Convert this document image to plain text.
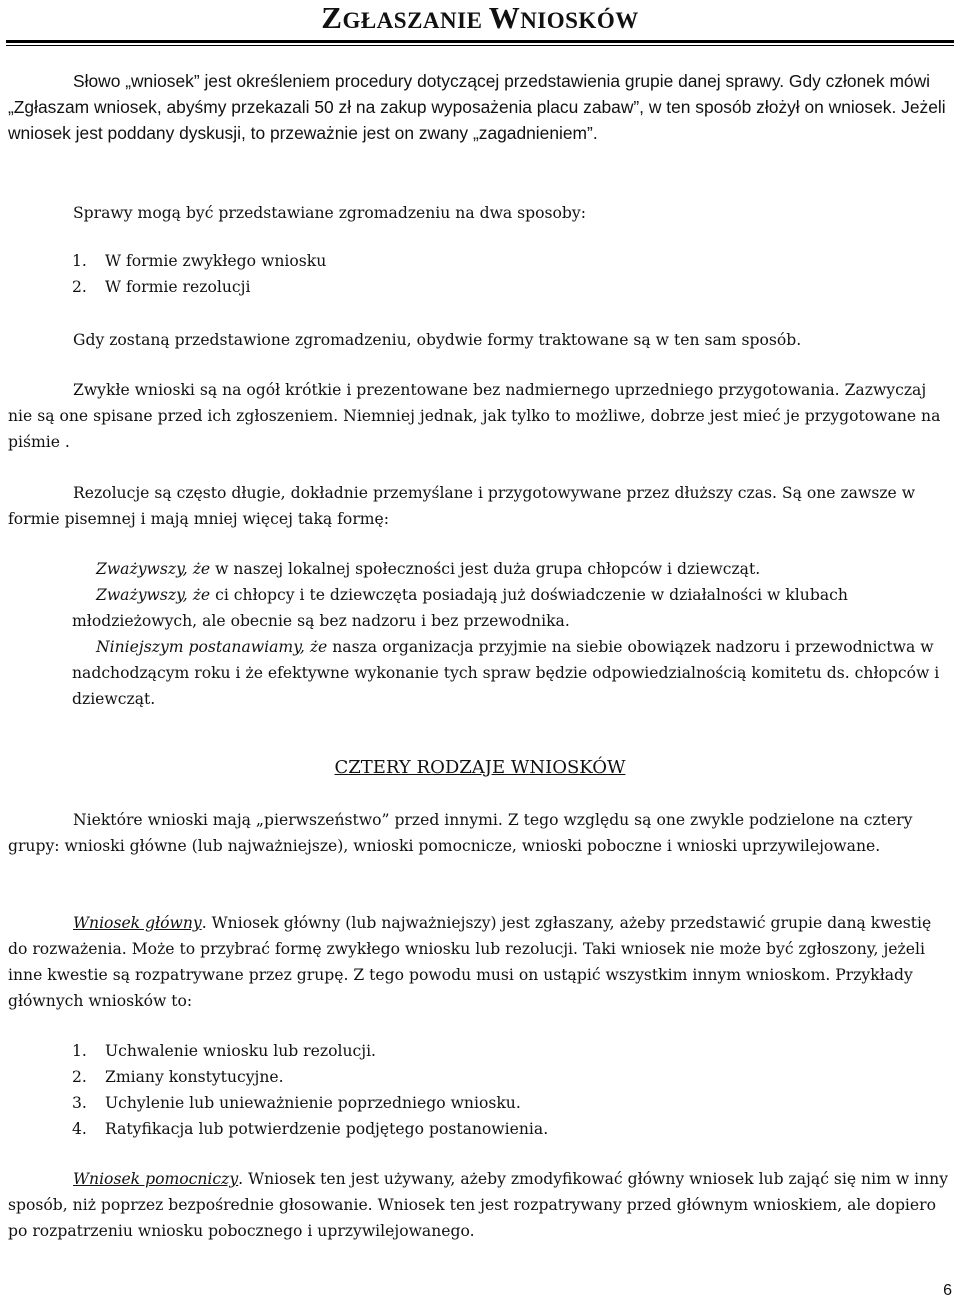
ZGŁASZANIE WNIOSKÓW

Słowo „wniosek” jest określeniem procedury dotyczącej przedstawienia grupie danej sprawy. Gdy członek mówi „Zgłaszam wniosek, abyśmy przekazali 50 zł na zakup wyposażenia placu zabaw”, w ten sposób złożył on wniosek. Jeżeli wniosek jest poddany dyskusji, to przeważnie jest on zwany „zagadnieniem”.

Sprawy mogą być przedstawiane zgromadzeniu na dwa sposoby:

1. W formie zwykłego wniosku
2. W formie rezolucji

Gdy zostaną przedstawione zgromadzeniu, obydwie formy traktowane są w ten sam sposób.

Zwykłe wnioski są na ogół krótkie i prezentowane bez nadmiernego uprzedniego przygotowania. Zazwyczaj nie są one spisane przed ich zgłoszeniem. Niemniej jednak, jak tylko to możliwe, dobrze jest mieć je przygotowane na piśmie .

Rezolucje są często długie, dokładnie przemyślane i przygotowywane przez dłuższy czas. Są one zawsze w formie pisemnej i mają mniej więcej taką formę:

Zważywszy, że w naszej lokalnej społeczności jest duża grupa chłopców i dziewcząt.

Zważywszy, że ci chłopcy i te dziewczęta posiadają już doświadczenie w działalności w klubach młodzieżowych, ale obecnie są bez nadzoru i bez przewodnika.

Niniejszym postanawiamy, że nasza organizacja przyjmie na siebie obowiązek nadzoru i przewodnictwa w nadchodzącym roku i że efektywne wykonanie tych spraw będzie odpowiedzialnością komitetu ds. chłopców i dziewcząt.

CZTERY RODZAJE WNIOSKÓW

Niektóre wnioski mają „pierwszeństwo” przed innymi. Z tego względu są one zwykle podzielone na cztery grupy: wnioski główne (lub najważniejsze), wnioski pomocnicze, wnioski poboczne i wnioski uprzywilejowane.

Wniosek główny. Wniosek główny (lub najważniejszy) jest zgłaszany, ażeby przedstawić grupie daną kwestię do rozważenia. Może to przybrać formę zwykłego wniosku lub rezolucji. Taki wniosek nie może być zgłoszony, jeżeli inne kwestie są rozpatrywane przez grupę. Z tego powodu musi on ustąpić wszystkim innym wnioskom. Przykłady głównych wniosków to:

1. Uchwalenie wniosku lub rezolucji.
2. Zmiany konstytucyjne.
3. Uchylenie lub unieważnienie poprzedniego wniosku.
4. Ratyfikacja lub potwierdzenie podjętego postanowienia.

Wniosek pomocniczy. Wniosek ten jest używany, ażeby zmodyfikować główny wniosek lub zająć się nim w inny sposób, niż poprzez bezpośrednie głosowanie. Wniosek ten jest rozpatrywany przed głównym wnioskiem, ale dopiero po rozpatrzeniu wniosku pobocznego i uprzywilejowanego.

6
